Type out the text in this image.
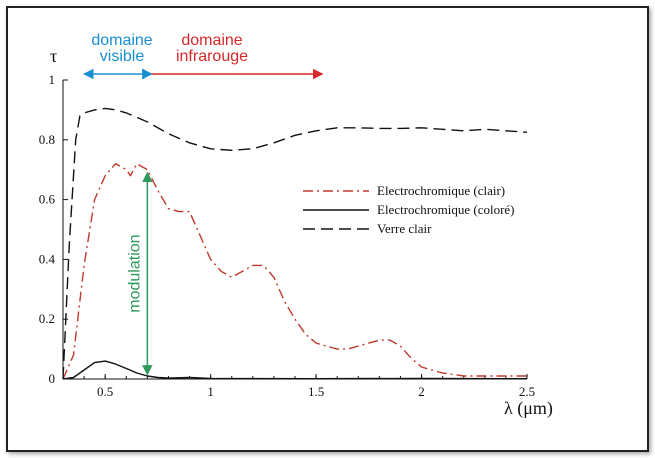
0
0.2
0.4
0.6
0.8
1
0.5	1	1.5	2	2.5
λ (μm)
τ
domaine
visible
domaine
infrarouge
modulation
Electrochromique (clair)
Electrochromique (coloré)
Verre clair
